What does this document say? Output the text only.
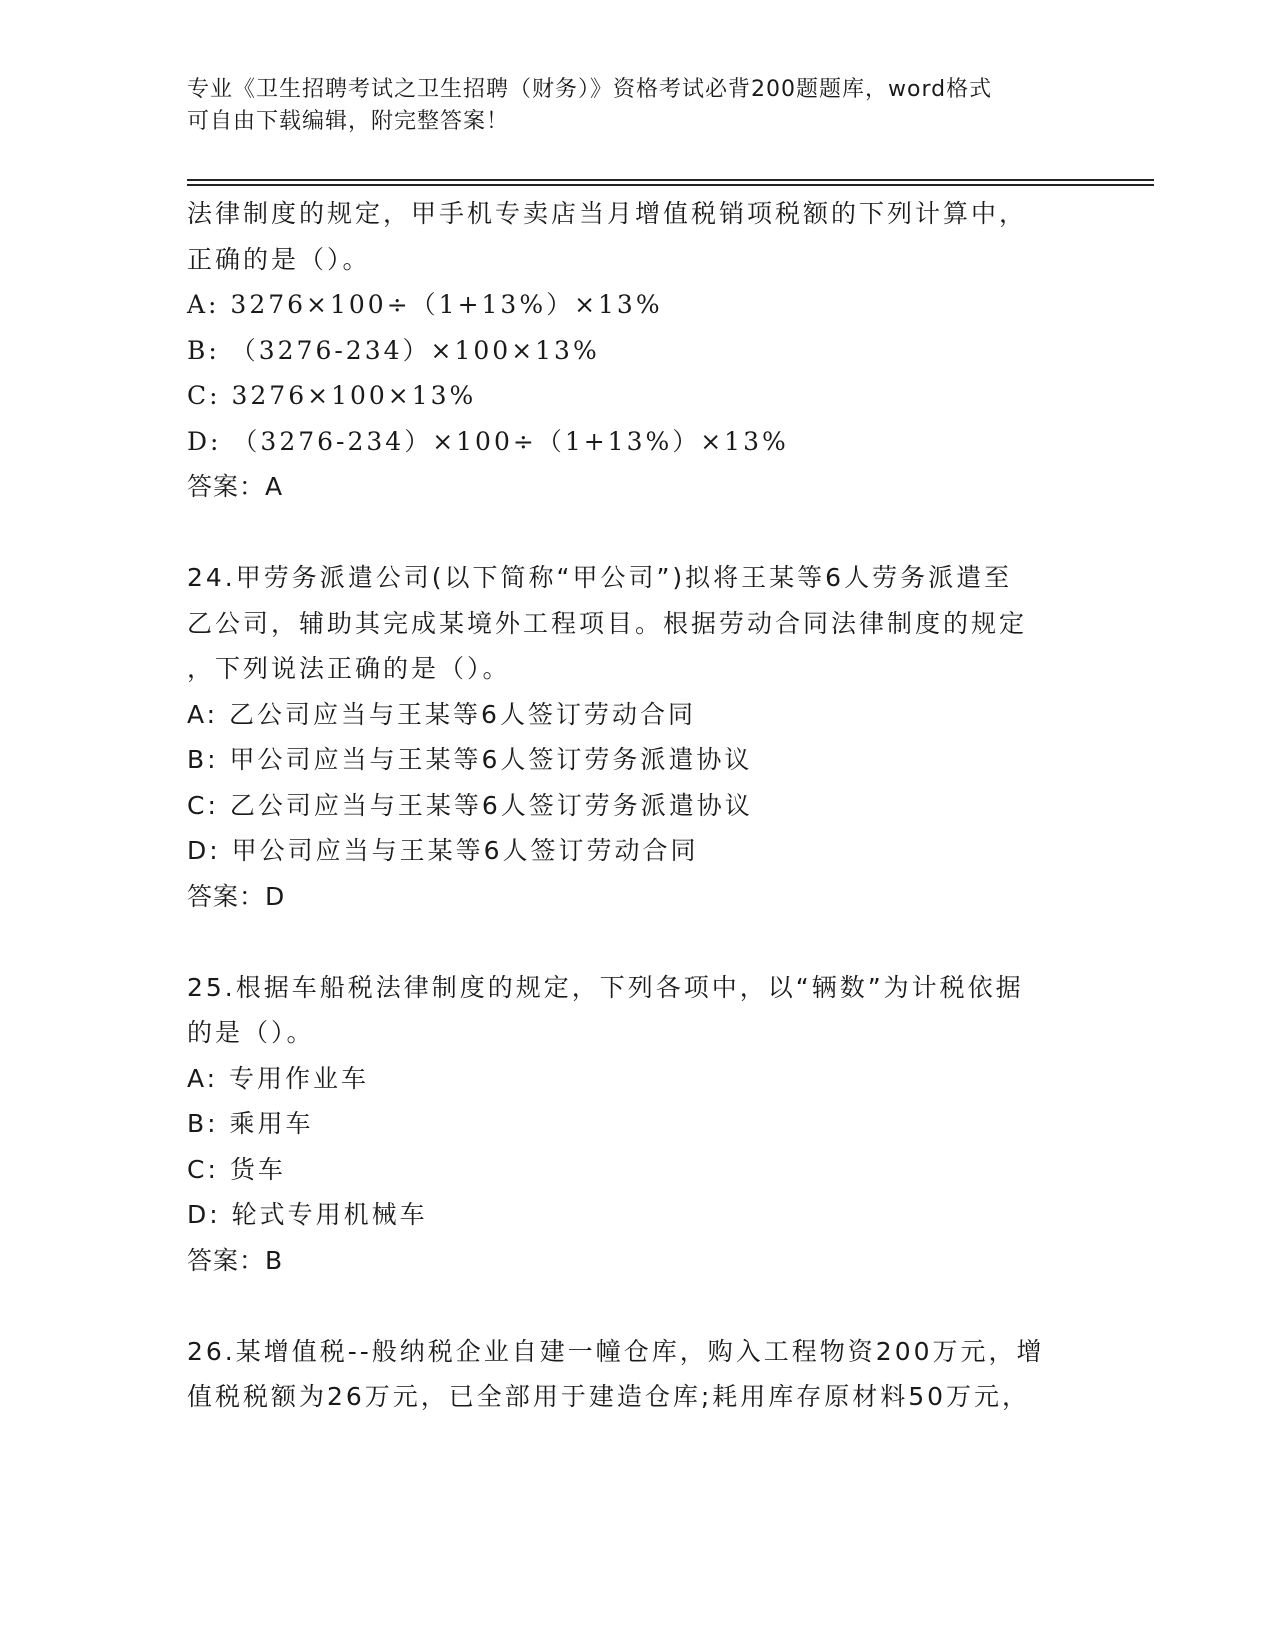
专业《卫生招聘考试之卫生招聘（财务）》资格考试必背200题题库，word格式
可自由下载编辑，附完整答案！
法律制度的规定，甲手机专卖店当月增值税销项税额的下列计算中，
正确的是（）。
A: 3276×100÷（1+13%）×13%
B: （3276-234）×100×13%
C: 3276×100×13%
D: （3276-234）×100÷（1+13%）×13%
答案：A
24.甲劳务派遣公司(以下简称“甲公司”)拟将王某等6人劳务派遣至
乙公司，辅助其完成某境外工程项目。根据劳动合同法律制度的规定
，下列说法正确的是（）。
A: 乙公司应当与王某等6人签订劳动合同
B: 甲公司应当与王某等6人签订劳务派遣协议
C: 乙公司应当与王某等6人签订劳务派遣协议
D: 甲公司应当与王某等6人签订劳动合同
答案：D
25.根据车船税法律制度的规定，下列各项中，以“辆数”为计税依据
的是（）。
A: 专用作业车
B: 乘用车
C: 货车
D: 轮式专用机械车
答案：B
26.某增值税--般纳税企业自建一幢仓库，购入工程物资200万元，增
值税税额为26万元，已全部用于建造仓库;耗用库存原材料50万元，
